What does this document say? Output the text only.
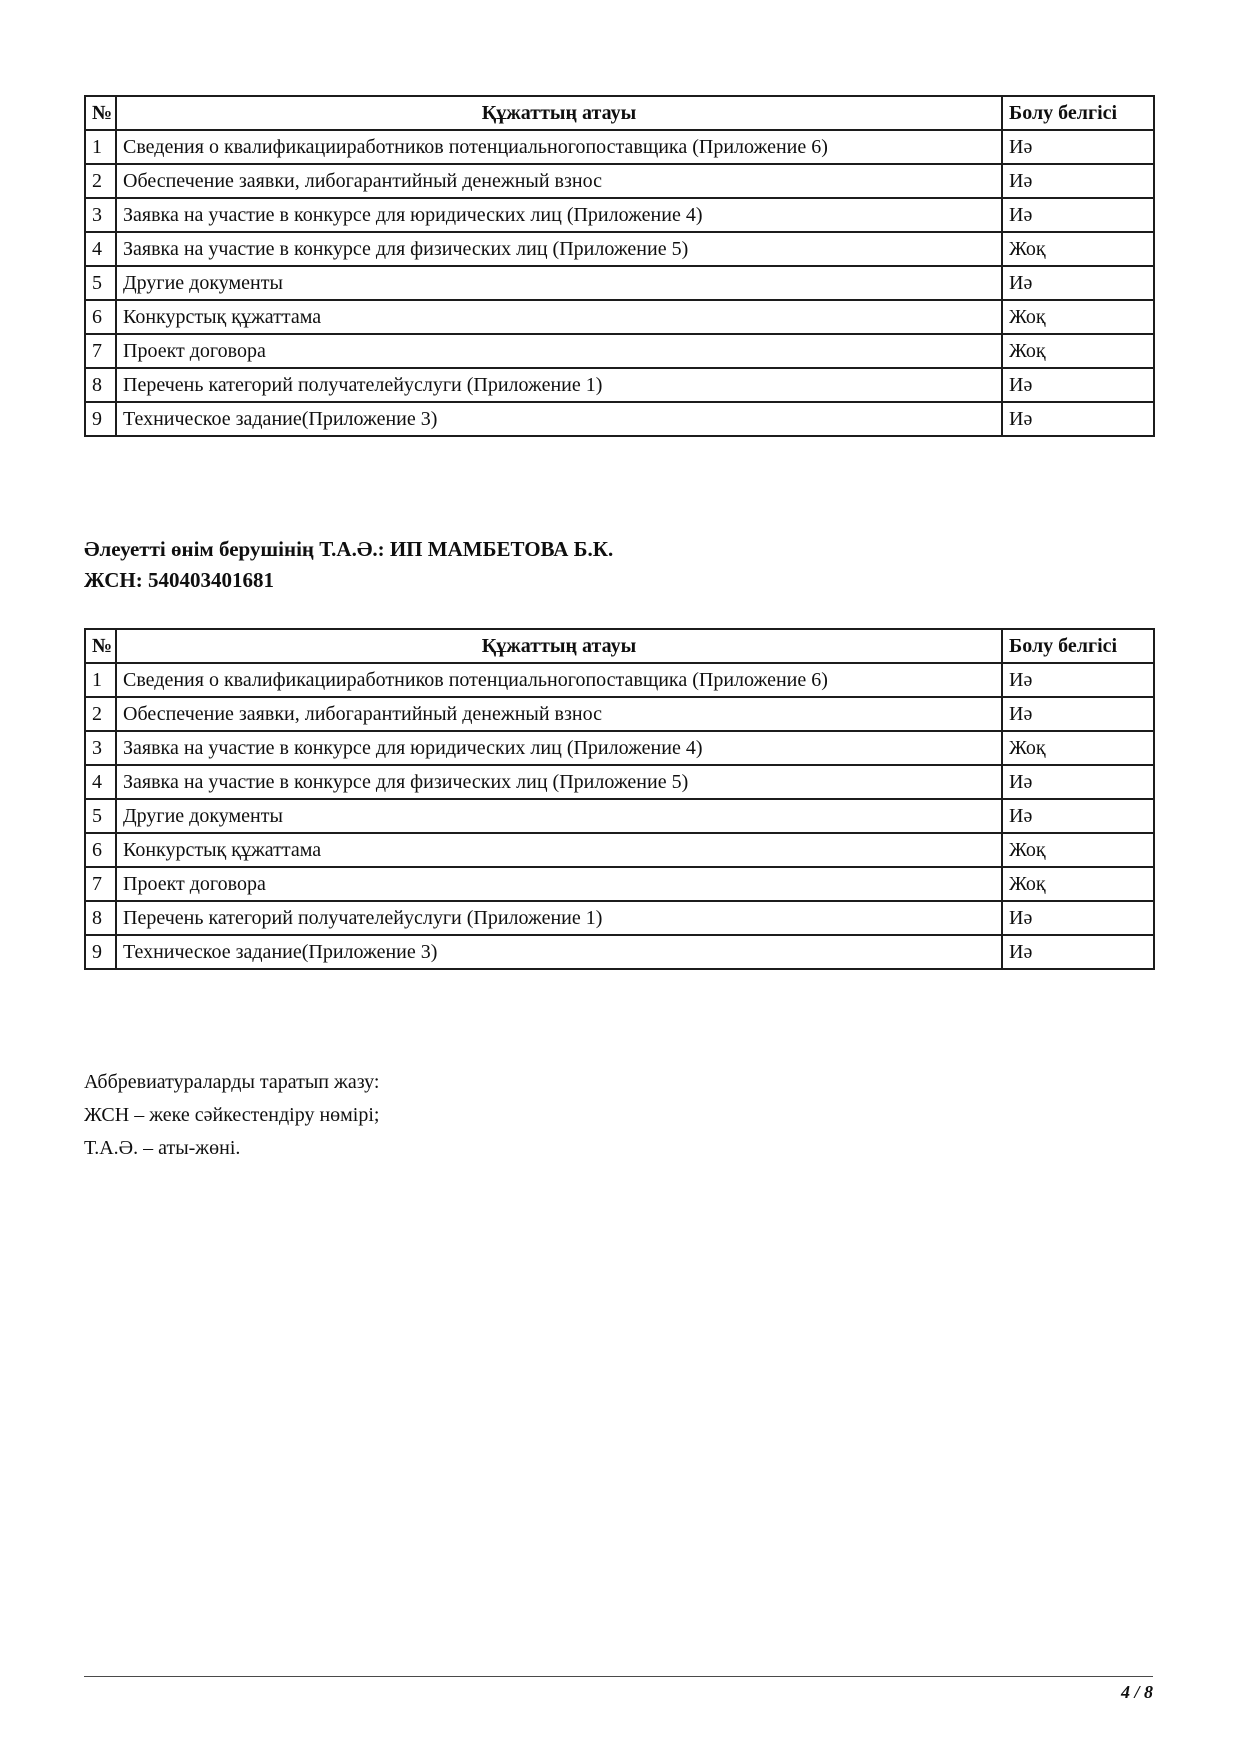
№	Құжаттың атауы	Болу белгісі
1	Сведения о квалификацииработников потенциальногопоставщика (Приложение 6)	Иә
2	Обеспечение заявки, либогарантийный денежный взнос	Иә
3	Заявка на участие в конкурсе для юридических лиц (Приложение 4)	Иә
4	Заявка на участие в конкурсе для физических лиц (Приложение 5)	Жоқ
5	Другие документы	Иә
6	Конкурстық құжаттама	Жоқ
7	Проект договора	Жоқ
8	Перечень категорий получателейуслуги (Приложение 1)	Иә
9	Техническое задание(Приложение 3)	Иә
Әлеуетті өнім берушінің Т.А.Ә.: ИП МАМБЕТОВА Б.К.
ЖСН: 540403401681
№	Құжаттың атауы	Болу белгісі
1	Сведения о квалификацииработников потенциальногопоставщика (Приложение 6)	Иә
2	Обеспечение заявки, либогарантийный денежный взнос	Иә
3	Заявка на участие в конкурсе для юридических лиц (Приложение 4)	Жоқ
4	Заявка на участие в конкурсе для физических лиц (Приложение 5)	Иә
5	Другие документы	Иә
6	Конкурстық құжаттама	Жоқ
7	Проект договора	Жоқ
8	Перечень категорий получателейуслуги (Приложение 1)	Иә
9	Техническое задание(Приложение 3)	Иә
Аббревиатураларды таратып жазу:
ЖСН – жеке сәйкестендіру нөмірі;
Т.А.Ә. – аты-жөні.
4 / 8
